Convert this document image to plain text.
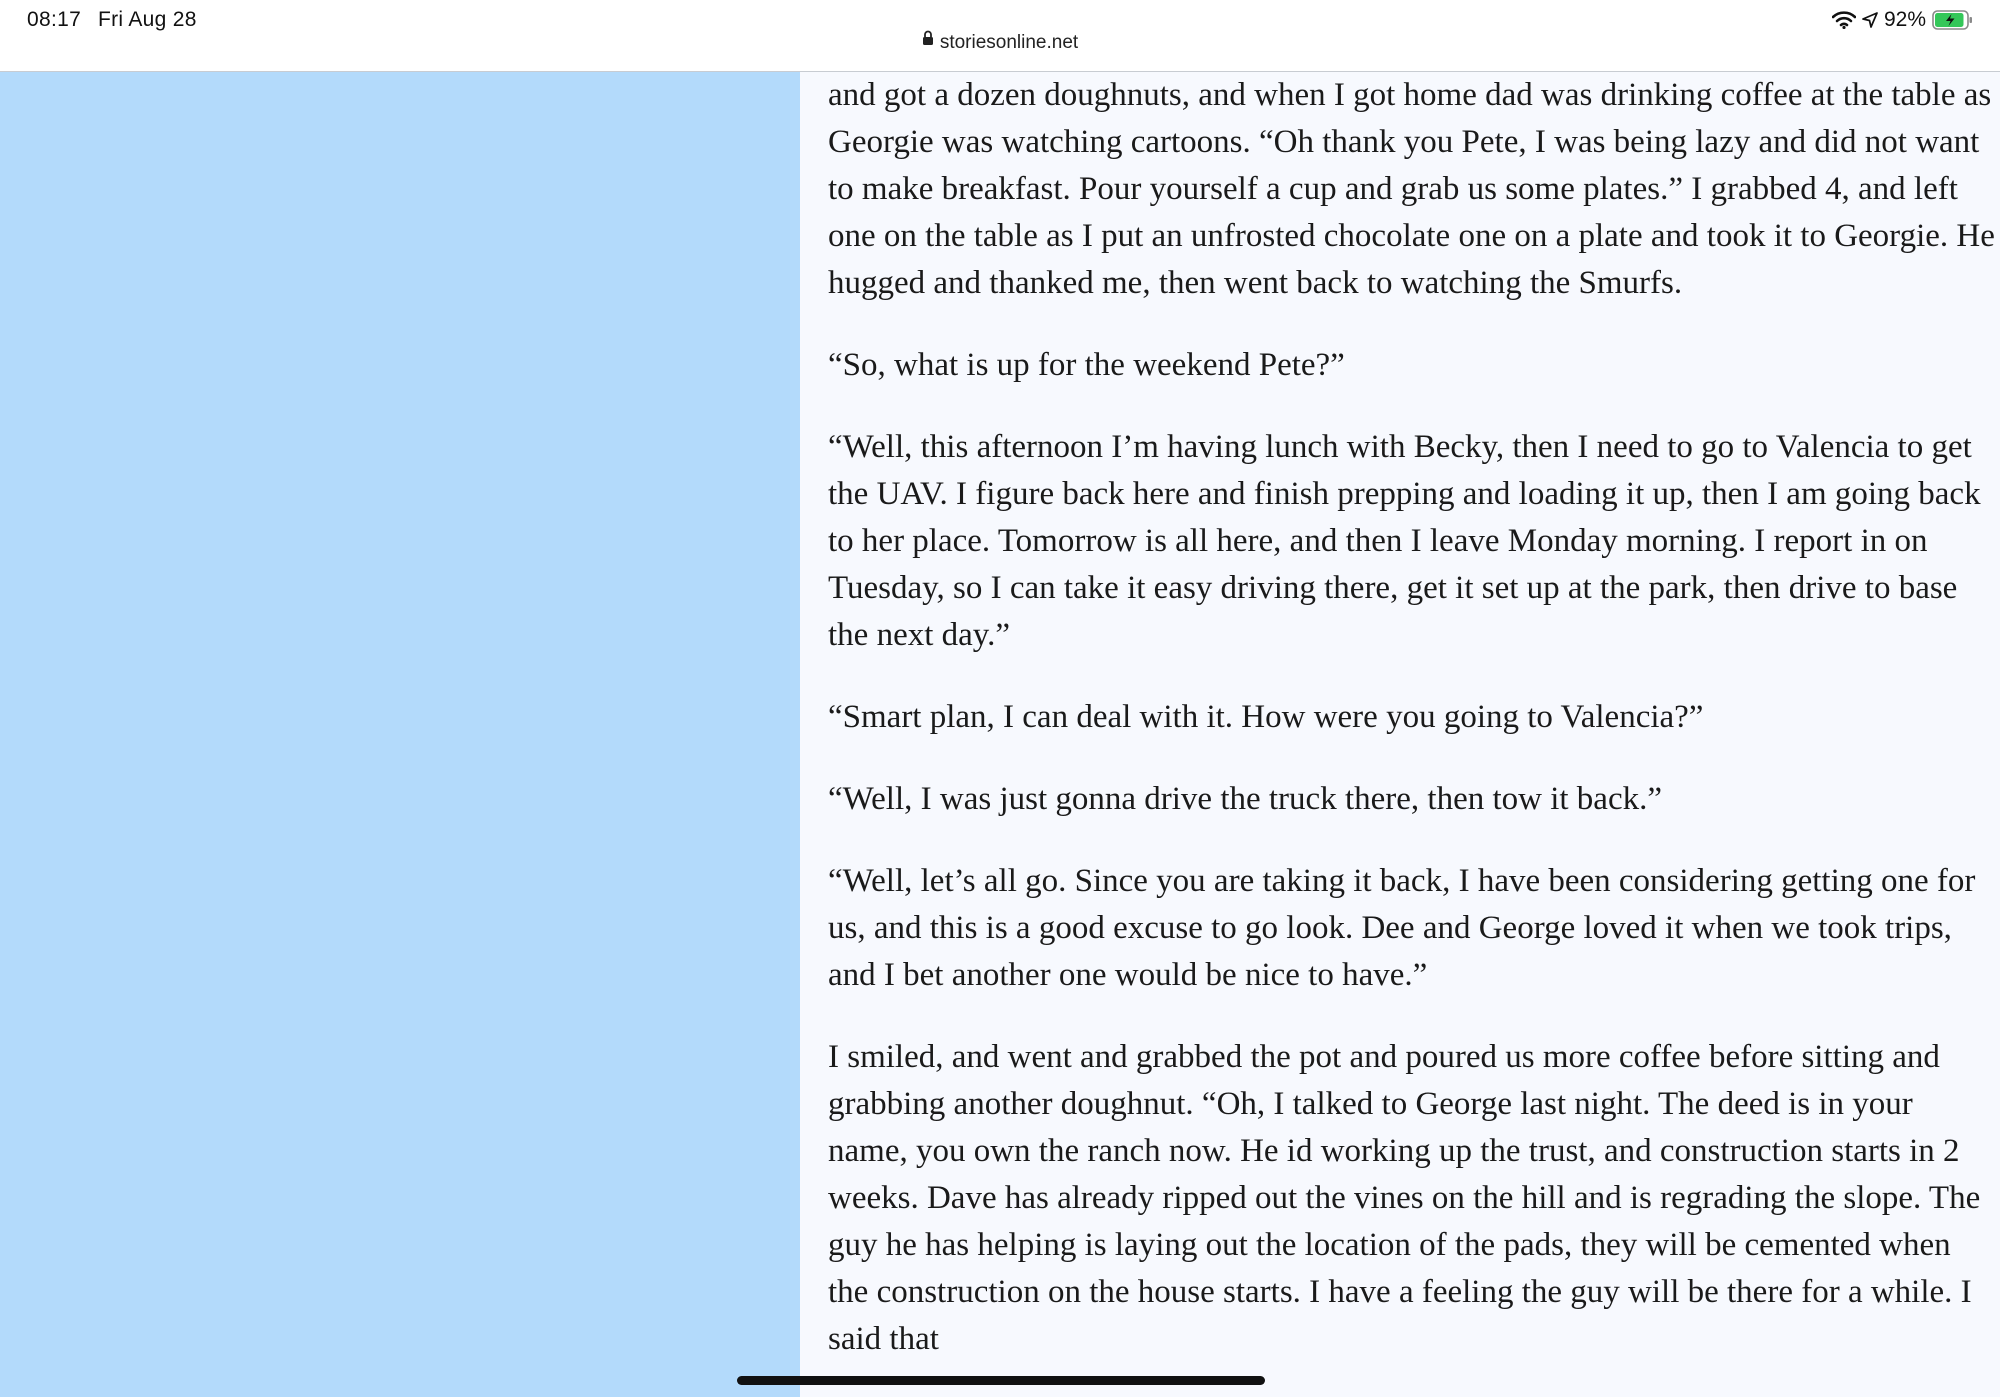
08:17 Fri Aug 28
storiesonline.net
92%

and got a dozen doughnuts, and when I got home dad was drinking coffee at the table as Georgie was watching cartoons. “Oh thank you Pete, I was being lazy and did not want to make breakfast. Pour yourself a cup and grab us some plates.” I grabbed 4, and left one on the table as I put an unfrosted chocolate one on a plate and took it to Georgie. He hugged and thanked me, then went back to watching the Smurfs.

“So, what is up for the weekend Pete?”

“Well, this afternoon I’m having lunch with Becky, then I need to go to Valencia to get the UAV. I figure back here and finish prepping and loading it up, then I am going back to her place. Tomorrow is all here, and then I leave Monday morning. I report in on Tuesday, so I can take it easy driving there, get it set up at the park, then drive to base the next day.”

“Smart plan, I can deal with it. How were you going to Valencia?”

“Well, I was just gonna drive the truck there, then tow it back.”

“Well, let’s all go. Since you are taking it back, I have been considering getting one for us, and this is a good excuse to go look. Dee and George loved it when we took trips, and I bet another one would be nice to have.”

I smiled, and went and grabbed the pot and poured us more coffee before sitting and grabbing another doughnut. “Oh, I talked to George last night. The deed is in your name, you own the ranch now. He id working up the trust, and construction starts in 2 weeks. Dave has already ripped out the vines on the hill and is regrading the slope. The guy he has helping is laying out the location of the pads, they will be cemented when the construction on the house starts. I have a feeling the guy will be there for a while. I said that
